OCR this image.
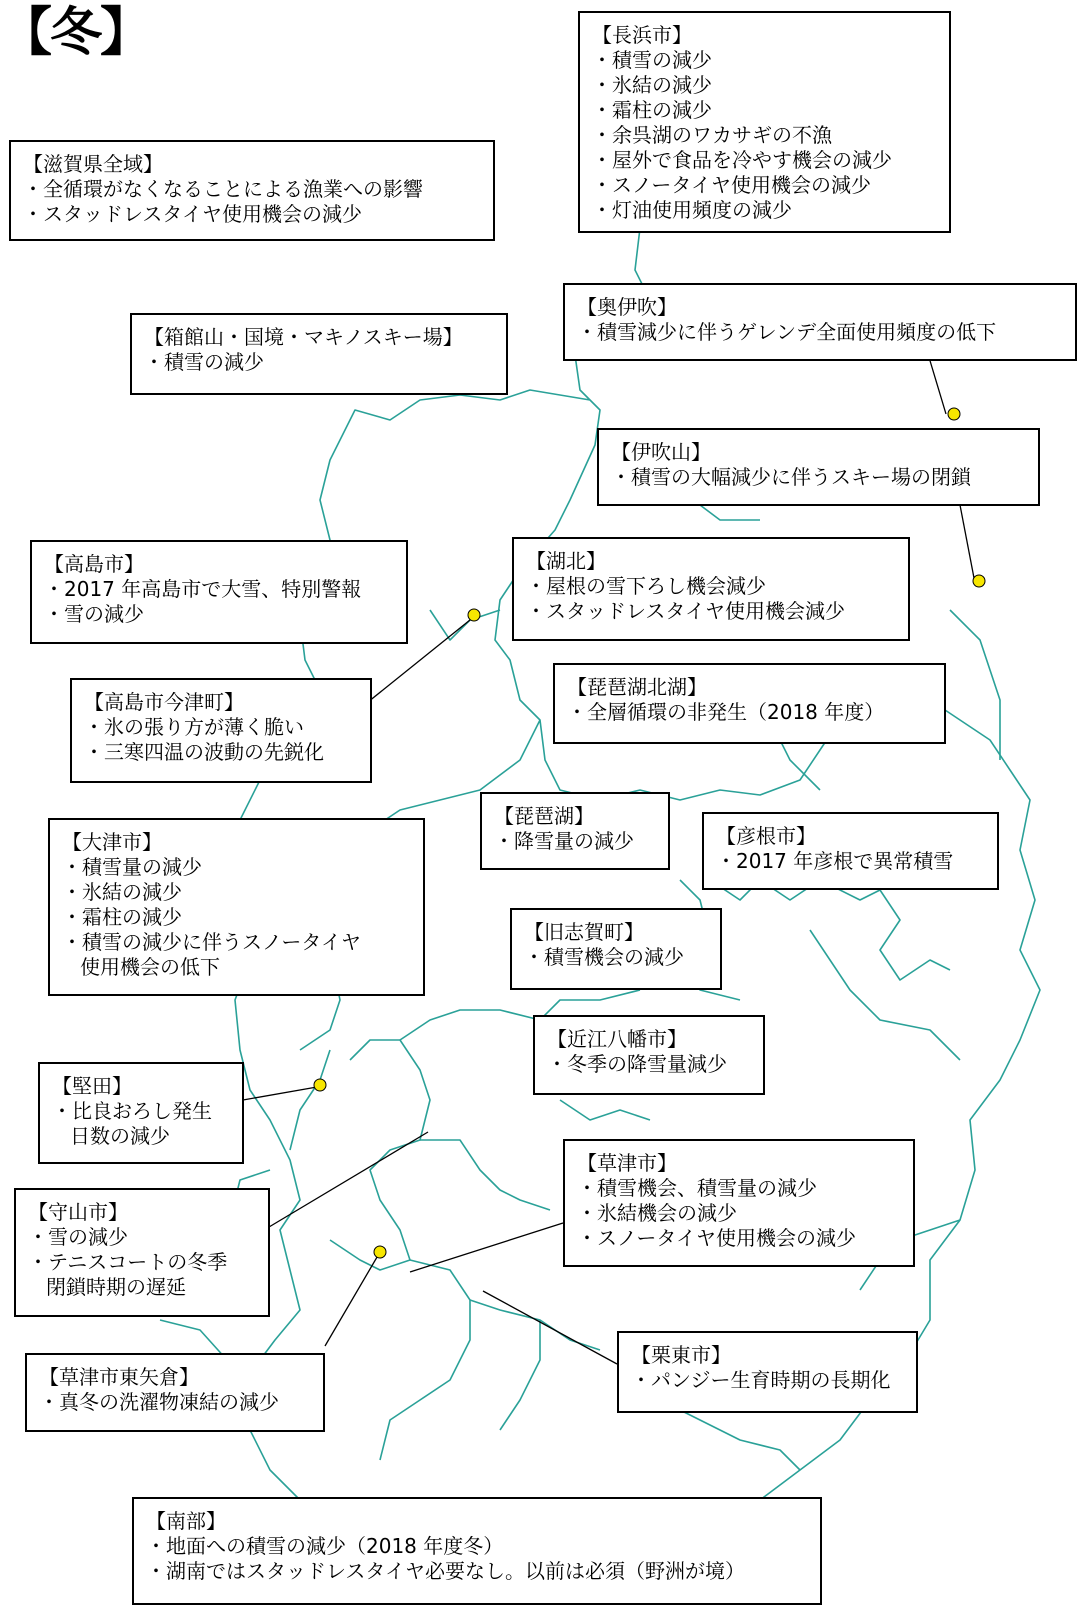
【冬】	【長浜市】
・積雪の減少
・氷結の減少
・霜柱の減少
・余呉湖のワカサギの不漁
・屋外で食品を冷やす機会の減少
・スノータイヤ使用機会の減少
・灯油使用頻度の減少
【滋賀県全域】
・全循環がなくなることによる漁業への影響
・スタッドレスタイヤ使用機会の減少
【奥伊吹】
・積雪減少に伴うゲレンデ全面使用頻度の低下
【箱館山・国境・マキノスキー場】
・積雪の減少
【伊吹山】
・積雪の大幅減少に伴うスキー場の閉鎖
【高島市】
・2017 年高島市で大雪、特別警報
・雪の減少
【湖北】
・屋根の雪下ろし機会減少
・スタッドレスタイヤ使用機会減少
【琵琶湖北湖】
・全層循環の非発生（2018 年度）
【高島市今津町】
・氷の張り方が薄く脆い
・三寒四温の波動の先鋭化
【琵琶湖】
・降雪量の減少
【大津市】
・積雪量の減少
・氷結の減少
・霜柱の減少
・積雪の減少に伴うスノータイヤ
使用機会の低下
【彦根市】
・2017 年彦根で異常積雪
【旧志賀町】
・積雪機会の減少
【近江八幡市】
・冬季の降雪量減少
【堅田】
・比良おろし発生
日数の減少
【草津市】
・積雪機会、積雪量の減少
・氷結機会の減少
・スノータイヤ使用機会の減少
【守山市】
・雪の減少
・テニスコートの冬季
閉鎖時期の遅延
【栗東市】
・パンジー生育時期の長期化
【草津市東矢倉】
・真冬の洗濯物凍結の減少
【南部】
・地面への積雪の減少（2018 年度冬）
・湖南ではスタッドレスタイヤ必要なし。以前は必須（野洲が境）
